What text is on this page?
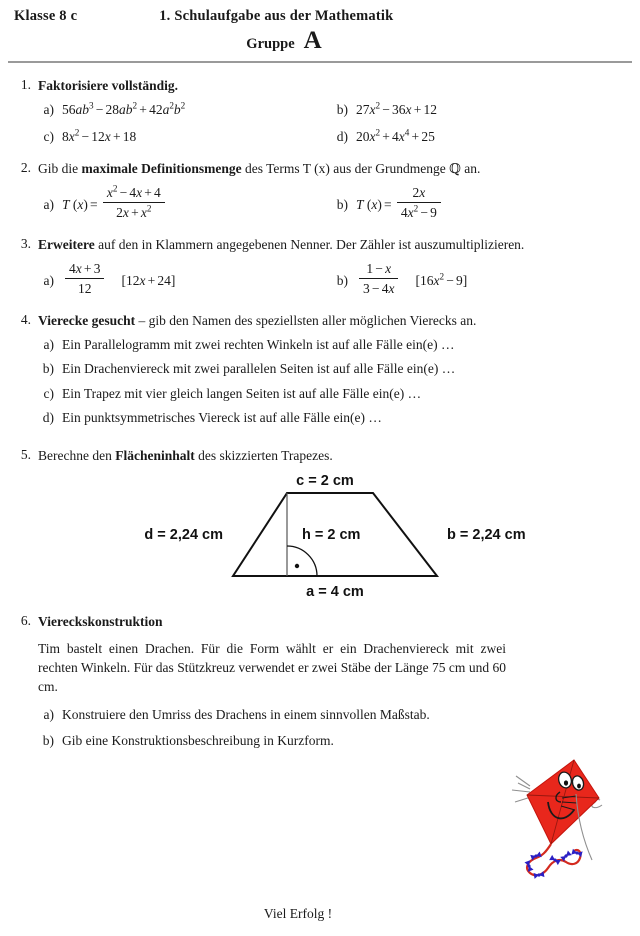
Klasse 8 c	1. Schulaufgabe aus der Mathematik
Gruppe A
1. Faktorisiere vollständig.
a) $56ab^3 - 28ab^2 + 42a^2b^2$	b) $27x^2 - 36x + 12$
c) $8x^2 - 12x + 18$	d) $20x^2 + 4x^4 + 25$
2. Gib die maximale Definitionsmenge des Terms T (x) aus der Grundmenge ℚ an.
a) T $(x) = \frac{x^2 - 4x + 4}{2x + x^2}$	b) T $(x) = \frac{2x}{4x^2 - 9}$
3. Erweitere auf den in Klammern angegebenen Nenner. Der Zähler ist auszumultiplizieren.
$a) \frac{4x + 3}{12} [12x + 24]$	$b) \frac{1 - x}{3 - 4x} [16x^2 - 9]$
4. Vierecke gesucht – gib den Namen des speziellsten aller möglichen Vierecks an.
a) Ein Parallelogramm mit zwei rechten Winkeln ist auf alle Fälle ein(e) …
b) Ein Drachenviereck mit zwei parallelen Seiten ist auf alle Fälle ein(e) …
c) Ein Trapez mit vier gleich langen Seiten ist auf alle Fälle ein(e) …
d) Ein punktsymmetrisches Viereck ist auf alle Fälle ein(e) …
5. Berechne den Flächeninhalt des skizzierten Trapezes.
c = 2 cm
d = 2,24 cm	h = 2 cm	b = 2,24 cm
a = 4 cm
6. Viereckskonstruktion
Tim bastelt einen Drachen. Für die Form wählt er ein Drachenviereck mit zwei rechten Winkeln. Für das Stützkreuz verwendet er zwei Stäbe der Länge 75 cm und 60 cm.
a) Konstruiere den Umriss des Drachens in einem sinnvollen Maßstab.
b) Gib eine Konstruktionsbeschreibung in Kurzform.
Viel Erfolg !
